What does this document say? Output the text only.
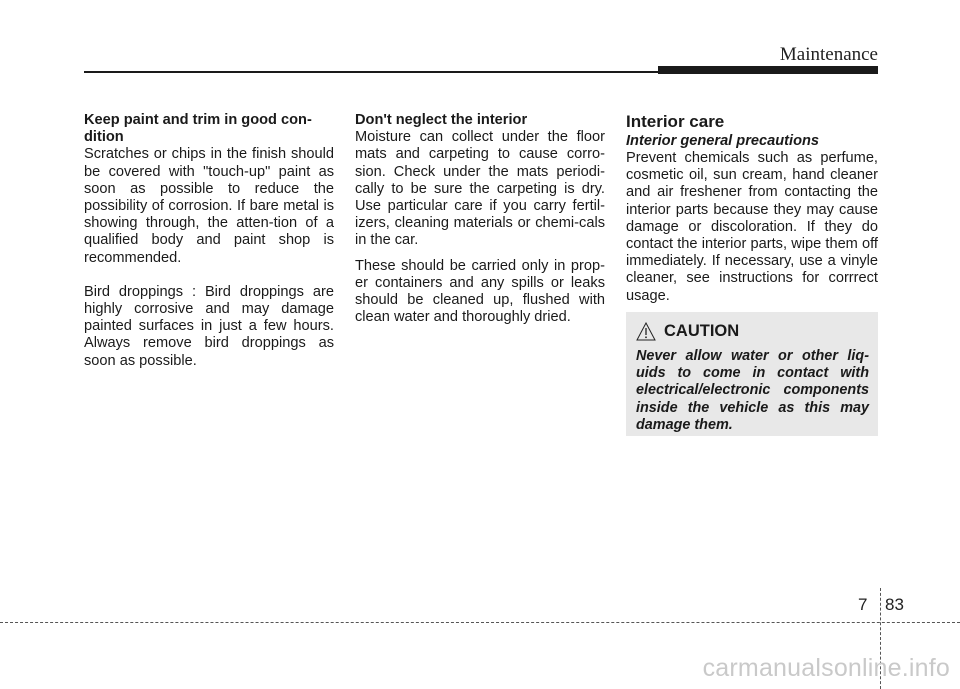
Maintenance

Keep paint and trim in good con-dition

Scratches or chips in the finish should be covered with "touch-up" paint as soon as possible to reduce the possibility of corrosion. If bare metal is showing through, the atten-tion of a qualified body and paint shop is recommended.

Bird droppings : Bird droppings are highly corrosive and may damage painted surfaces in just a few hours. Always remove bird droppings as soon as possible.

Don't neglect the interior

Moisture can collect under the floor mats and carpeting to cause corro-sion. Check under the mats periodi-cally to be sure the carpeting is dry. Use particular care if you carry fertil-izers, cleaning materials or chemi-cals in the car.

These should be carried only in prop-er containers and any spills or leaks should be cleaned up, flushed with clean water and thoroughly dried.

Interior care

Interior general precautions

Prevent chemicals such as perfume, cosmetic oil, sun cream, hand cleaner and air freshener from contacting the interior parts because they may cause damage or discoloration. If they do contact the interior parts, wipe them off immediately. If necessary, use a vinyle cleaner, see instructions for corrrect usage.

CAUTION
Never allow water or other liq-uids to come in contact with electrical/electronic components inside the vehicle as this may damage them.
7 83
carmanualsonline.info
